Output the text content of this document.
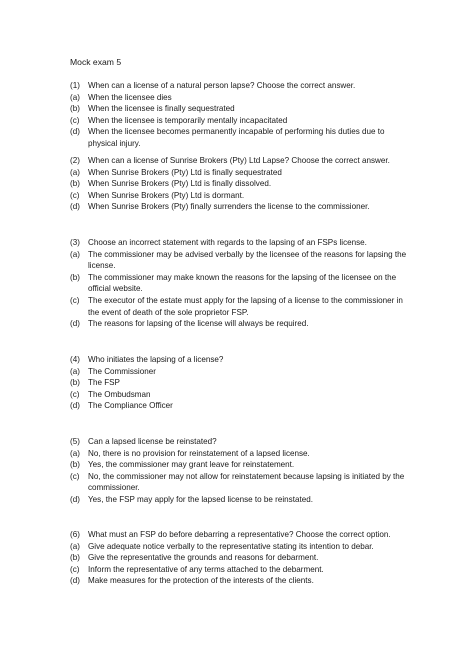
Mock exam 5
(1) When can a license of a natural person lapse? Choose the correct answer.
(a) When the licensee dies
(b) When the licensee is finally sequestrated
(c)	When the licensee is temporarily mentally incapacitated
(d) When the licensee becomes permanently incapable of performing his duties due to physical injury.
(2) When can a license of Sunrise Brokers (Pty) Ltd Lapse? Choose the correct answer.
(a) When Sunrise Brokers (Pty) Ltd is finally sequestrated
(b) When Sunrise Brokers (Pty) Ltd is finally dissolved.
(c)	When Sunrise Brokers (Pty) Ltd is dormant.
(d) When Sunrise Brokers (Pty) finally surrenders the license to the commissioner.
(3) Choose an incorrect statement with regards to the lapsing of an FSPs license.
(a) The commissioner may be advised verbally by the licensee of the reasons for lapsing the license.
(b) The commissioner may make known the reasons for the lapsing of the licensee on the official website.
(c)	The executor of the estate must apply for the lapsing of a license to the commissioner in the event of death of the sole proprietor FSP.
(d) The reasons for lapsing of the license will always be required.
(4) Who initiates the lapsing of a license?
(a) The Commissioner
(b) The FSP
(c)	The Ombudsman
(d) The Compliance Officer
(5) Can a lapsed license be reinstated?
(a) No, there is no provision for reinstatement of a lapsed license.
(b) Yes, the commissioner may grant leave for reinstatement.
(c)	No, the commissioner may not allow for reinstatement because lapsing is initiated by the commissioner.
(d) Yes, the FSP may apply for the lapsed license to be reinstated.
(6) What must an FSP do before debarring a representative? Choose the correct option.
(a) Give adequate notice verbally to the representative stating its intention to debar.
(b) Give the representative the grounds and reasons for debarment.
(c)	Inform the representative of any terms attached to the debarment.
(d) Make measures for the protection of the interests of the clients.
